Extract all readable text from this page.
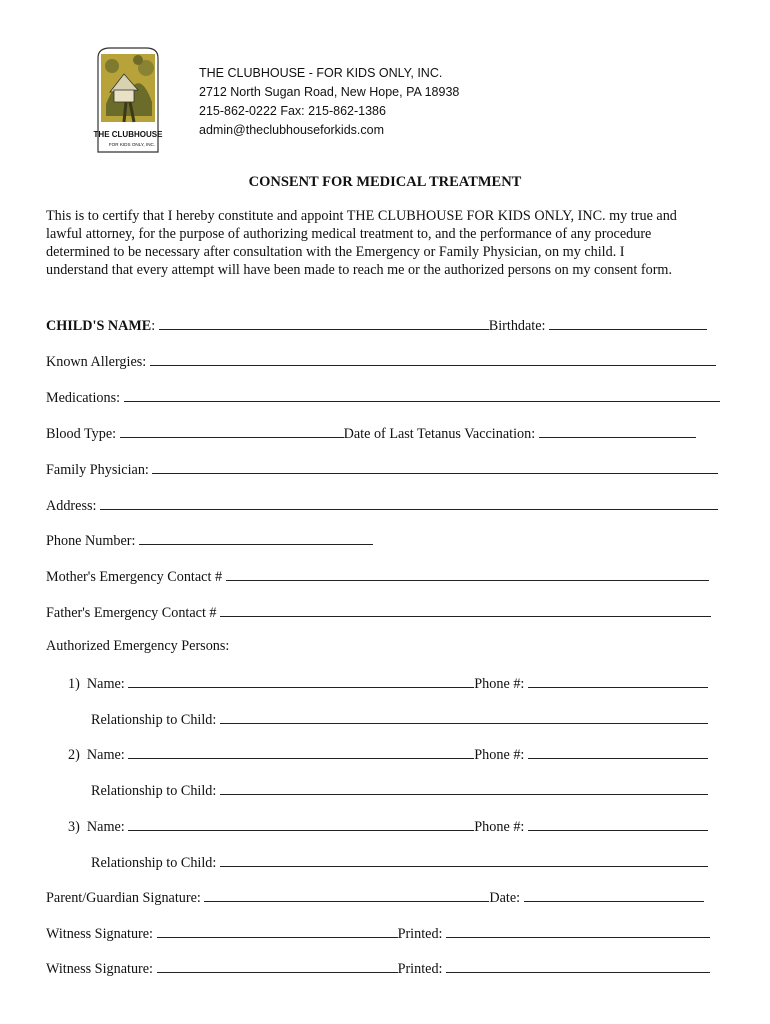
THE CLUBHOUSE
FOR KIDS ONLY, INC.
THE CLUBHOUSE - FOR KIDS ONLY, INC.
2712 North Sugan Road, New Hope, PA 18938
215-862-0222 Fax: 215-862-1386
admin@theclubhouseforkids.com
CONSENT FOR MEDICAL TREATMENT
This is to certify that I hereby constitute and appoint THE CLUBHOUSE FOR KIDS ONLY, INC. my true and
lawful attorney, for the purpose of authorizing medical treatment to, and the performance of any procedure
determined to be necessary after consultation with the Emergency or Family Physician, on my child. I
understand that every attempt will have been made to reach me or the authorized persons on my consent form.
CHILD'S NAME:	Birthdate:
Known Allergies:
Medications:
Blood Type:	Date of Last Tetanus Vaccination:
Family Physician:
Address:
Phone Number:
Mother's Emergency Contact #
Father's Emergency Contact #
Authorized Emergency Persons:
1) Name:	Phone #:
Relationship to Child:
2) Name:	Phone #:
Relationship to Child:
3) Name:	Phone #:
Relationship to Child:
Parent/Guardian Signature:	Date:
Witness Signature:	Printed:
Witness Signature:	Printed:
